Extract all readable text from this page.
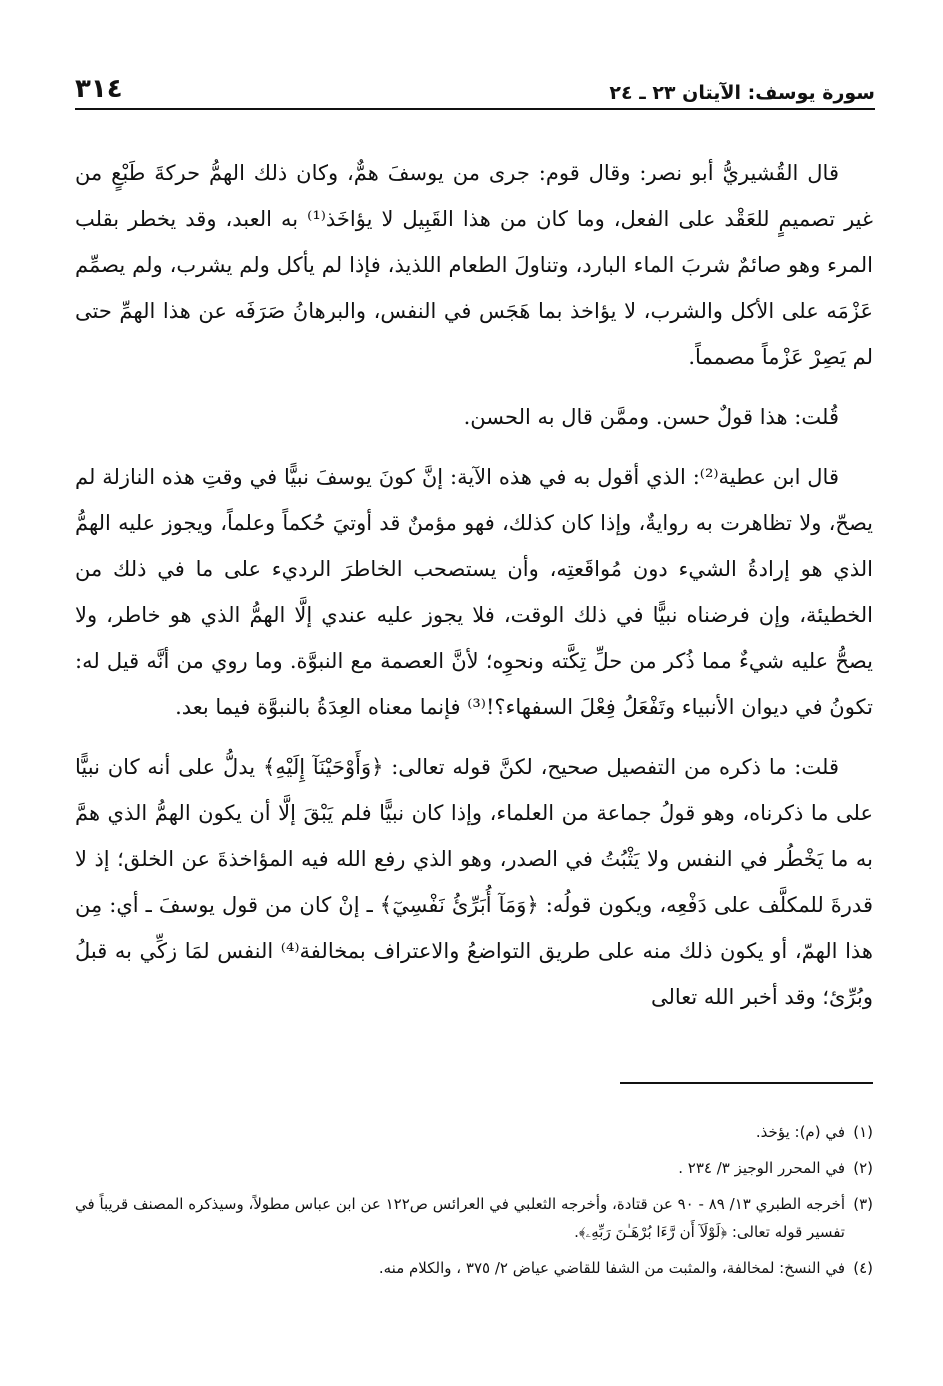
سورة يوسف: الآيتان ٢٣ ـ ٢٤
٣١٤

قال القُشيريُّ أبو نصر: وقال قوم: جرى من يوسفَ همٌّ، وكان ذلك الهمُّ حركةَ طَبْعٍ من غير تصميمٍ للعَقْد على الفعل، وما كان من هذا القَبِيل لا يؤاخَذ⁽¹⁾ به العبد، وقد يخطر بقلب المرء وهو صائمٌ شربَ الماء البارد، وتناولَ الطعام اللذيذ، فإذا لم يأكل ولم يشرب، ولم يصمِّم عَزْمَه على الأكل والشرب، لا يؤاخذ بما هَجَس في النفس، والبرهانُ صَرَفَه عن هذا الهمِّ حتى لم يَصِرْ عَزْماً مصمماً.

قُلت: هذا قولٌ حسن. وممَّن قال به الحسن.

قال ابن عطية⁽²⁾: الذي أقول به في هذه الآية: إنَّ كونَ يوسفَ نبيًّا في وقتِ هذه النازلة لم يصحّ، ولا تظاهرت به روايةٌ، وإذا كان كذلك، فهو مؤمنٌ قد أوتيَ حُكماً وعلماً، ويجوز عليه الهمُّ الذي هو إرادةُ الشيء دون مُواقَعتِه، وأن يستصحب الخاطرَ الرديء على ما في ذلك من الخطيئة، وإن فرضناه نبيًّا في ذلك الوقت، فلا يجوز عليه عندي إلَّا الهمُّ الذي هو خاطر، ولا يصحُّ عليه شيءٌ مما ذُكر من حلِّ تِكَّته ونحوِه؛ لأنَّ العصمة مع النبوَّة. وما روي من أنَّه قيل له: تكونُ في ديوان الأنبياء وتَفْعَلُ فِعْلَ السفهاء؟!⁽³⁾ فإنما معناه العِدَةُ بالنبوَّة فيما بعد.

قلت: ما ذكره من التفصيل صحيح، لكنَّ قوله تعالى: ﴿وَأَوْحَيْنَآ إِلَيْهِ﴾ يدلُّ على أنه كان نبيًّا على ما ذكرناه، وهو قولُ جماعة من العلماء، وإذا كان نبيًّا فلم يَبْقَ إلَّا أن يكون الهمُّ الذي همَّ به ما يَخْطُر في النفس ولا يَثْبُتُ في الصدر، وهو الذي رفع الله فيه المؤاخذةَ عن الخلق؛ إذ لا قدرةَ للمكلَّف على دَفْعِه، ويكون قولُه: ﴿وَمَآ أُبَرِّئُ نَفْسِيٓ﴾ ـ إنْ كان من قول يوسفَ ـ أي: مِن هذا الهمّ، أو يكون ذلك منه على طريق التواضعُ والاعتراف بمخالفة⁽⁴⁾ النفس لمَا زكِّي به قبلُ وبُرِّئ؛ وقد أخبر الله تعالى

(١)
في (م): يؤخذ.
(٢)
في المحرر الوجيز ٣/ ٢٣٤ .
(٣)
أخرجه الطبري ١٣/ ٨٩ - ٩٠ عن قتادة، وأخرجه الثعلبي في العرائس ص١٢٢ عن ابن عباس مطولاً، وسيذكره المصنف قريباً في تفسير قوله تعالى: ﴿لَوْلَآ أَن رَّءَا بُرْهَـٰنَ رَبِّهِۦ﴾.
(٤)
في النسخ: لمخالفة، والمثبت من الشفا للقاضي عياض ٢/ ٣٧٥ ، والكلام منه.
